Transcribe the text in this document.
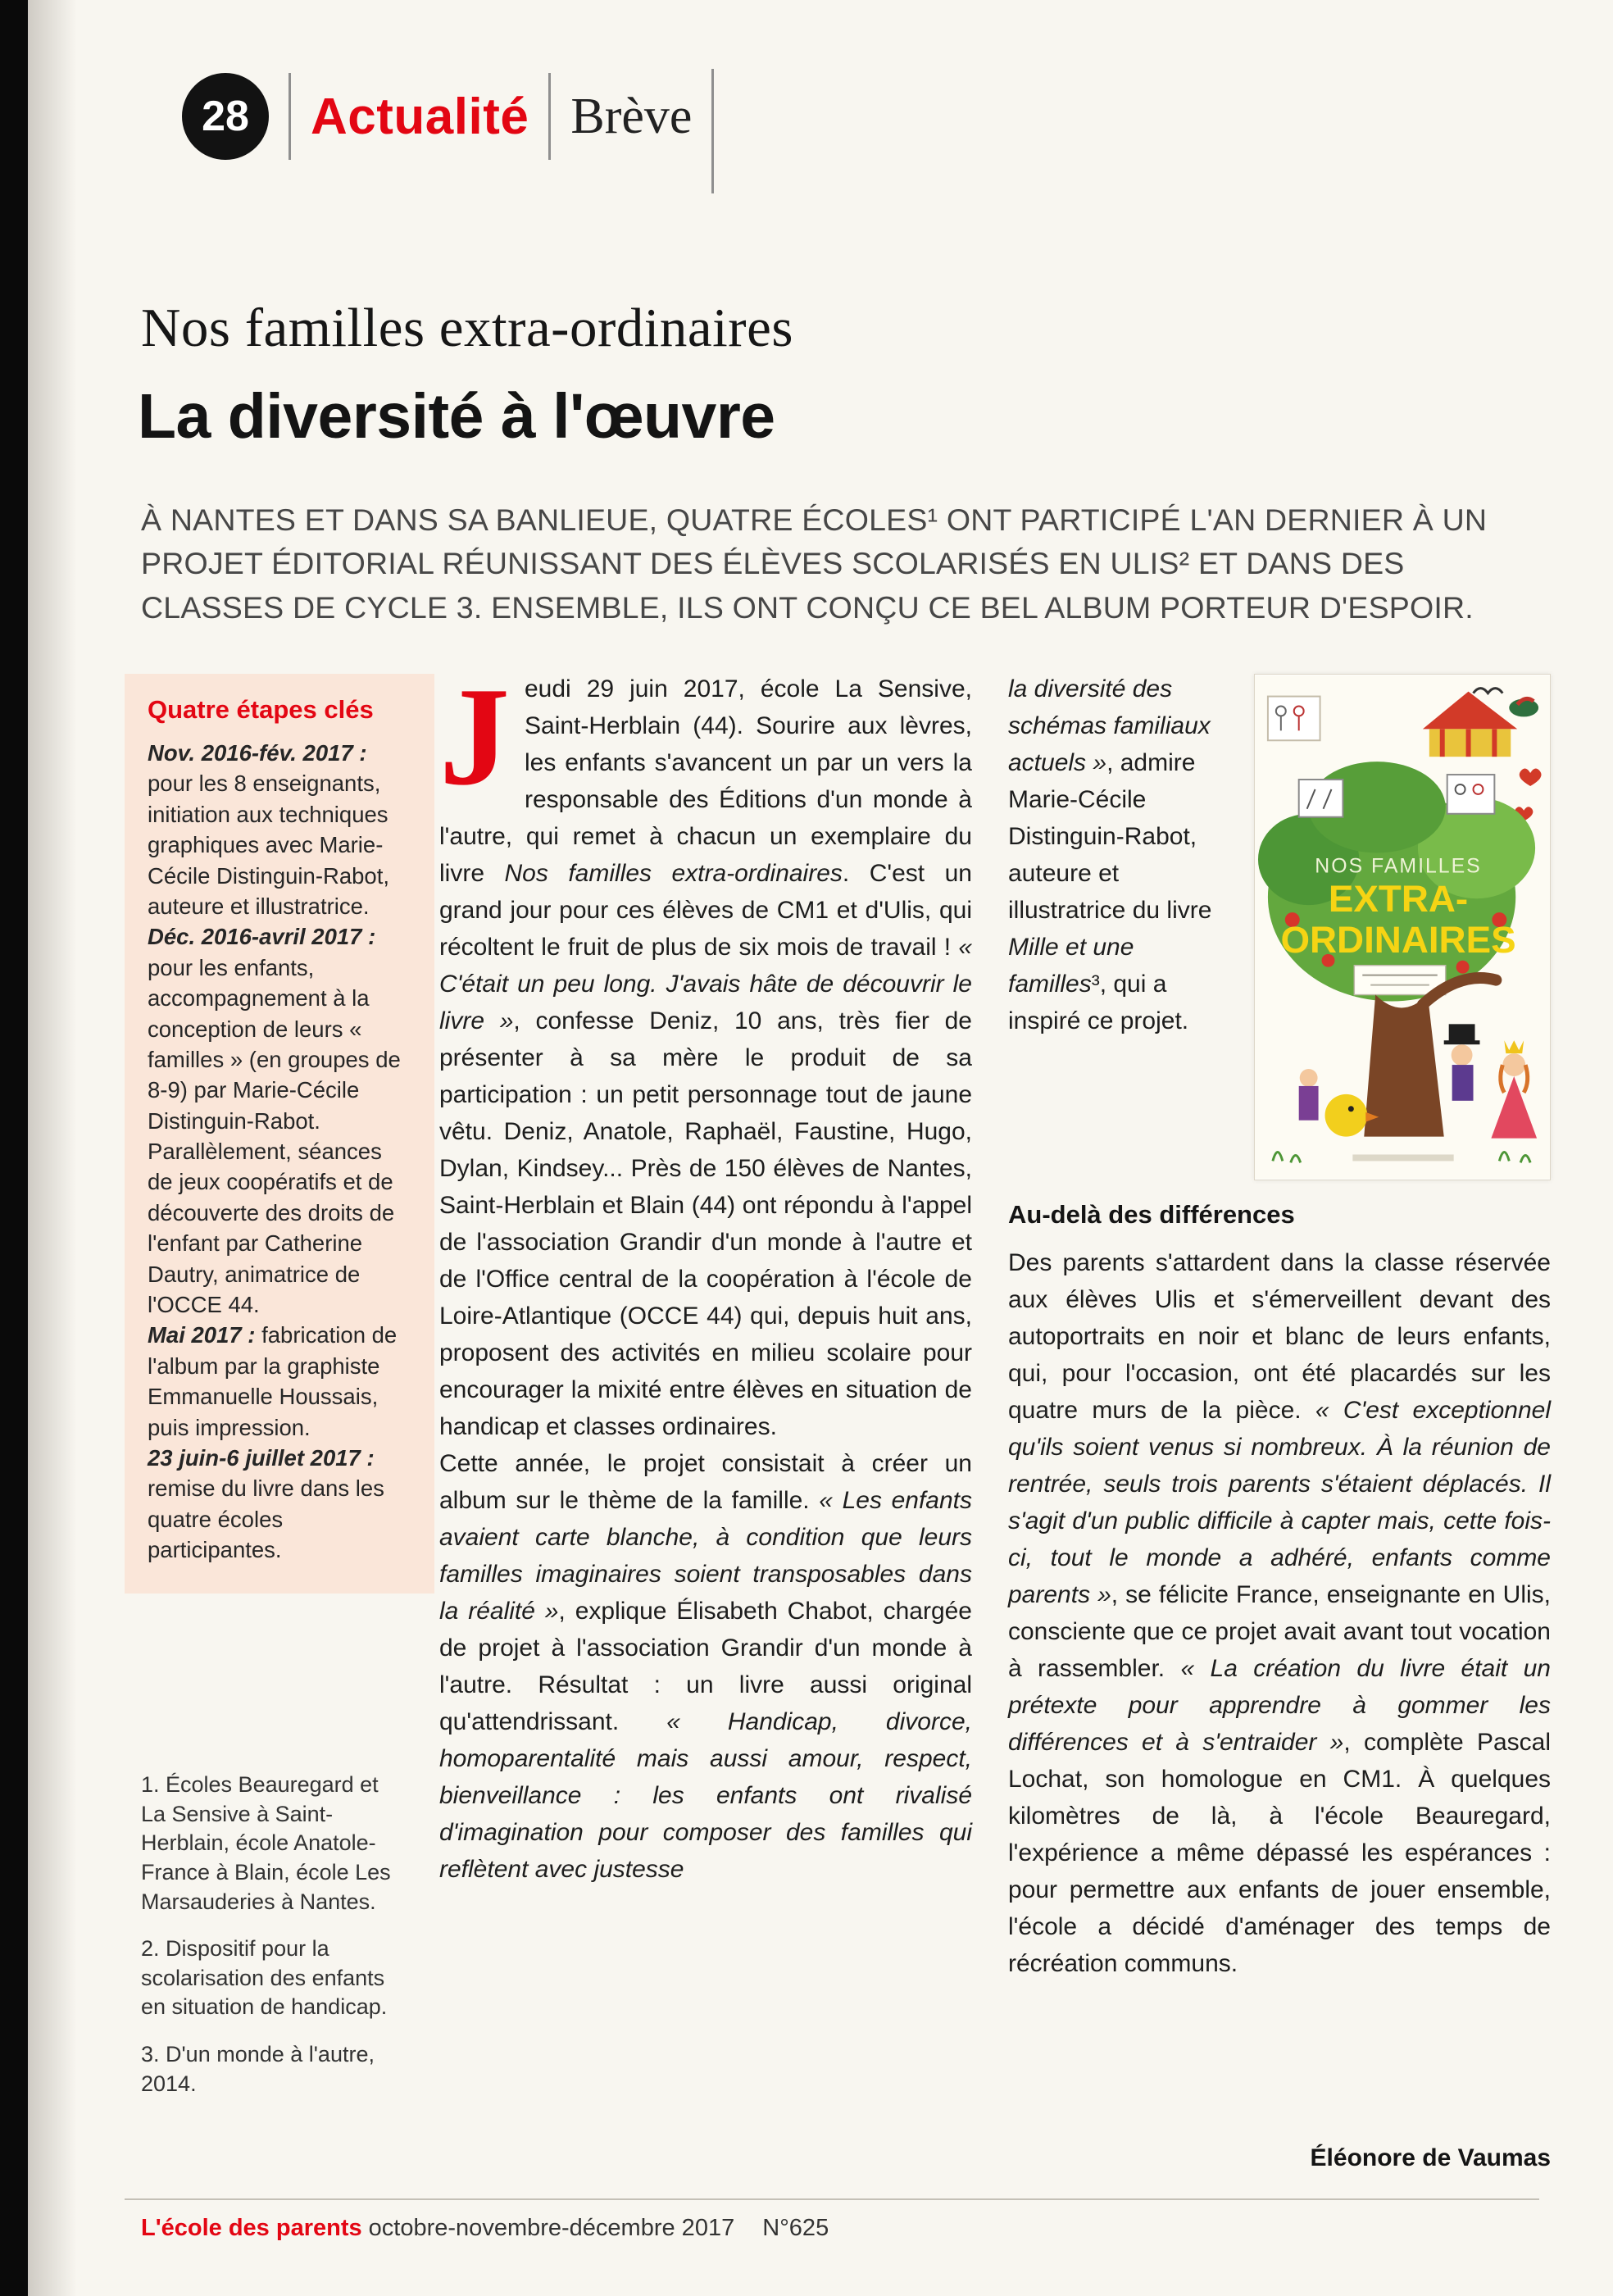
28	Actualité Brève
Nos familles extra-ordinaires
La diversité à l'œuvre

À NANTES ET DANS SA BANLIEUE, QUATRE ÉCOLES¹ ONT PARTICIPÉ L'AN DERNIER À UN PROJET ÉDITORIAL RÉUNISSANT DES ÉLÈVES SCOLARISÉS EN ULIS² ET DANS DES CLASSES DE CYCLE 3. ENSEMBLE, ILS ONT CONÇU CE BEL ALBUM PORTEUR D'ESPOIR.

Quatre étapes clés

Nov. 2016-fév. 2017 : pour les 8 enseignants, initiation aux techniques graphiques avec Marie-Cécile Distinguin-Rabot, auteure et illustratrice.

Déc. 2016-avril 2017 : pour les enfants, accompagnement à la conception de leurs « familles » (en groupes de 8-9) par Marie-Cécile Distinguin-Rabot. Parallèlement, séances de jeux coopératifs et de découverte des droits de l'enfant par Catherine Dautry, animatrice de l'OCCE 44.

Mai 2017 : fabrication de l'album par la graphiste Emmanuelle Houssais, puis impression.

23 juin-6 juillet 2017 : remise du livre dans les quatre écoles participantes.

1. Écoles Beauregard et La Sensive à Saint-Herblain, école Anatole-France à Blain, école Les Marsauderies à Nantes.

2. Dispositif pour la scolarisation des enfants en situation de handicap.

3. D'un monde à l'autre, 2014.

Jeudi 29 juin 2017, école La Sensive, Saint-Herblain (44). Sourire aux lèvres, les enfants s'avancent un par un vers la responsable des Éditions d'un monde à l'autre, qui remet à chacun un exemplaire du livre Nos familles extra-ordinaires. C'est un grand jour pour ces élèves de CM1 et d'Ulis, qui récoltent le fruit de plus de six mois de travail ! « C'était un peu long. J'avais hâte de découvrir le livre », confesse Deniz, 10 ans, très fier de présenter à sa mère le produit de sa participation : un petit personnage tout de jaune vêtu. Deniz, Anatole, Raphaël, Faustine, Hugo, Dylan, Kindsey... Près de 150 élèves de Nantes, Saint-Herblain et Blain (44) ont répondu à l'appel de l'association Grandir d'un monde à l'autre et de l'Office central de la coopération à l'école de Loire-Atlantique (OCCE 44) qui, depuis huit ans, proposent des activités en milieu scolaire pour encourager la mixité entre élèves en situation de handicap et classes ordinaires.

Cette année, le projet consistait à créer un album sur le thème de la famille. « Les enfants avaient carte blanche, à condition que leurs familles imaginaires soient transposables dans la réalité », explique Élisabeth Chabot, chargée de projet à l'association Grandir d'un monde à l'autre. Résultat : un livre aussi original qu'attendrissant. « Handicap, divorce, homoparentalité mais aussi amour, respect, bienveillance : les enfants ont rivalisé d'imagination pour composer des familles qui reflètent avec justesse

NOS FAMILLES
EXTRA-
ORDINAIRES

la diversité des schémas familiaux actuels », admire Marie-Cécile Distinguin-Rabot, auteure et illustratrice du livre Mille et une familles³, qui a inspiré ce projet.

Au-delà des différences

Des parents s'attardent dans la classe réservée aux élèves Ulis et s'émerveillent devant des autoportraits en noir et blanc de leurs enfants, qui, pour l'occasion, ont été placardés sur les quatre murs de la pièce. « C'est exceptionnel qu'ils soient venus si nombreux. À la réunion de rentrée, seuls trois parents s'étaient déplacés. Il s'agit d'un public difficile à capter mais, cette fois-ci, tout le monde a adhéré, enfants comme parents », se félicite France, enseignante en Ulis, consciente que ce projet avait avant tout vocation à rassembler. « La création du livre était un prétexte pour apprendre à gommer les différences et à s'entraider », complète Pascal Lochat, son homologue en CM1. À quelques kilomètres de là, à l'école Beauregard, l'expérience a même dépassé les espérances : pour permettre aux enfants de jouer ensemble, l'école a décidé d'aménager des temps de récréation communs.

Éléonore de Vaumas

L'école des parents octobre-novembre-décembre 2017 N°625
